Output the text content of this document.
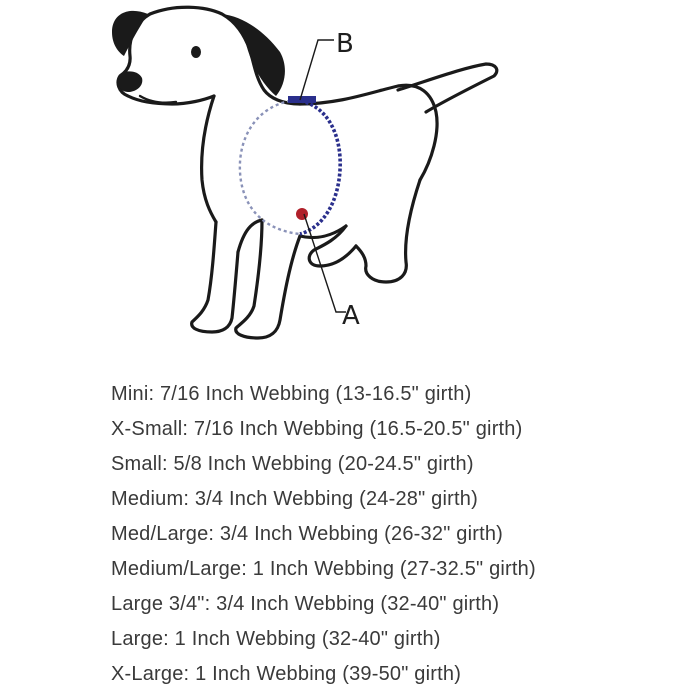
B
A
Mini: 7/16 Inch Webbing (13-16.5" girth)
X-Small: 7/16 Inch Webbing (16.5-20.5" girth)
Small: 5/8 Inch Webbing (20-24.5" girth)
Medium: 3/4 Inch Webbing (24-28" girth)
Med/Large: 3/4 Inch Webbing (26-32" girth)
Medium/Large: 1 Inch Webbing (27-32.5" girth)
Large 3/4": 3/4 Inch Webbing (32-40" girth)
Large: 1 Inch Webbing (32-40" girth)
X-Large: 1 Inch Webbing (39-50" girth)
